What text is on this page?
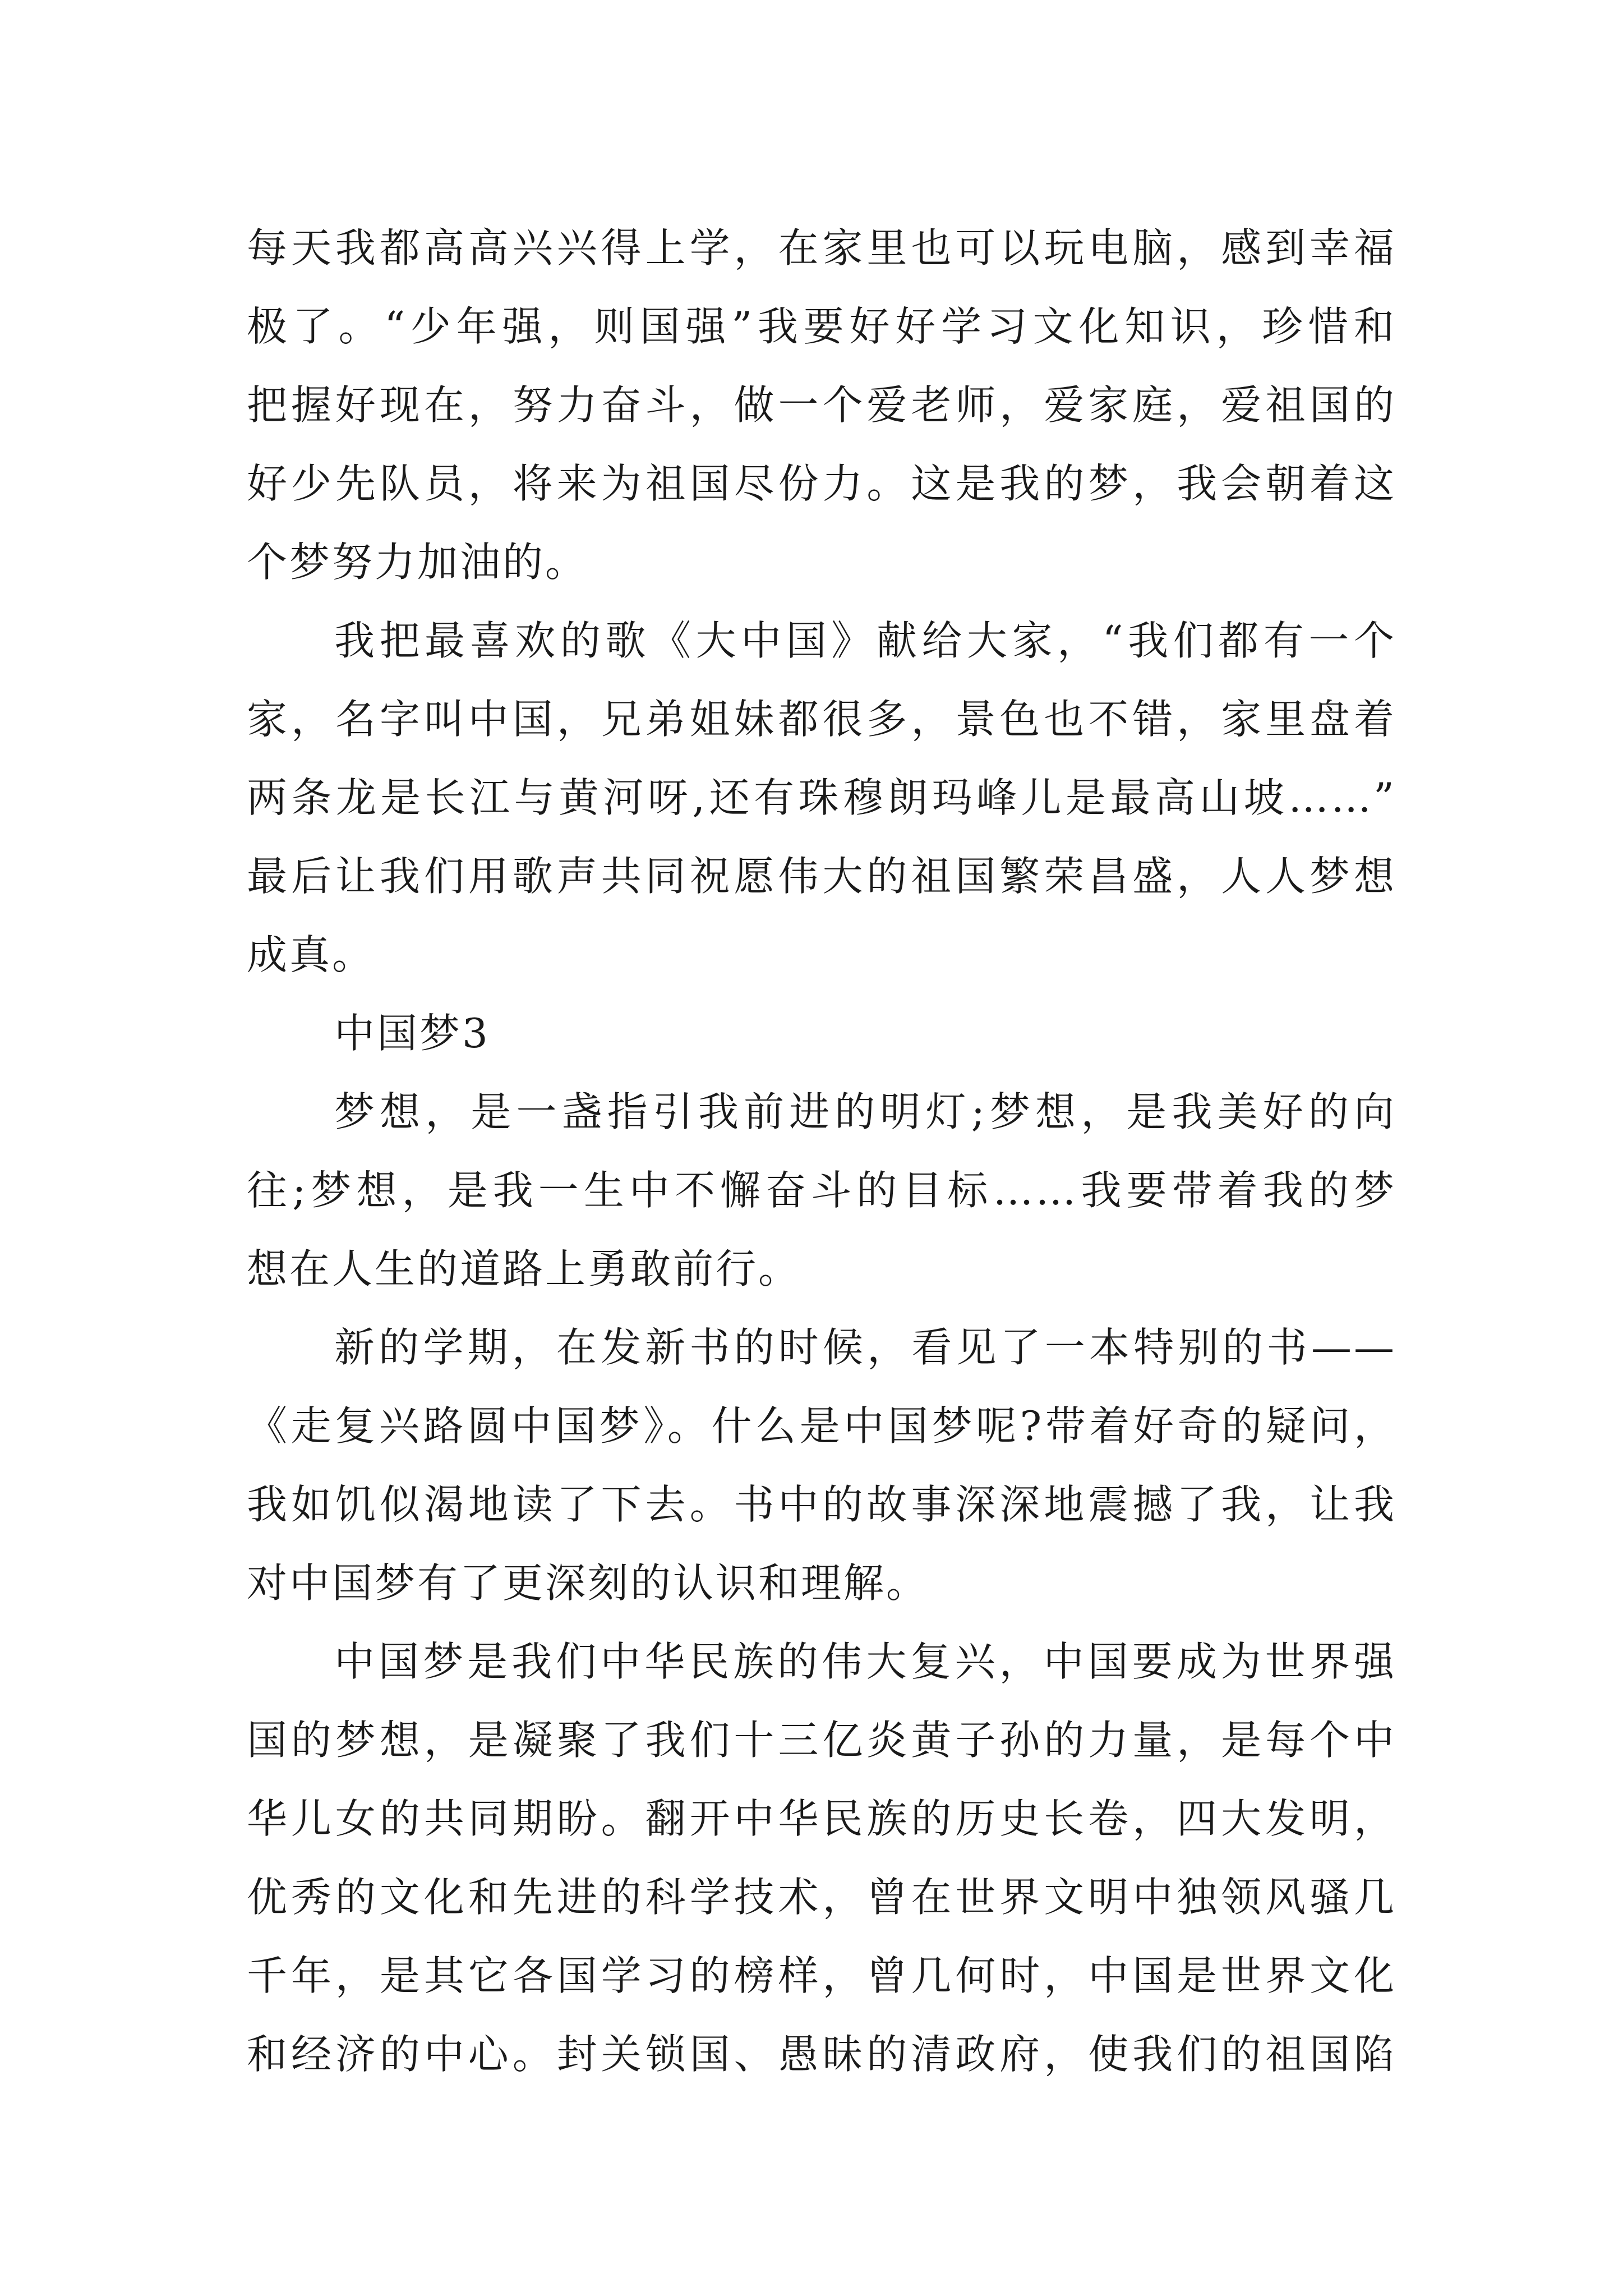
每天我都高高兴兴得上学，在家里也可以玩电脑，感到幸福
极了。“少年强，则国强”我要好好学习文化知识，珍惜和
把握好现在，努力奋斗，做一个爱老师，爱家庭，爱祖国的
好少先队员，将来为祖国尽份力。这是我的梦，我会朝着这
个梦努力加油的。
我把最喜欢的歌《大中国》献给大家，“我们都有一个
家，名字叫中国，兄弟姐妹都很多，景色也不错，家里盘着
两条龙是长江与黄河呀,还有珠穆朗玛峰儿是最高山坡……”
最后让我们用歌声共同祝愿伟大的祖国繁荣昌盛，人人梦想
成真。
中国梦3
梦想，是一盏指引我前进的明灯;梦想，是我美好的向
往;梦想，是我一生中不懈奋斗的目标……我要带着我的梦
想在人生的道路上勇敢前行。
新的学期，在发新书的时候，看见了一本特别的书——
《走复兴路圆中国梦》。什么是中国梦呢?带着好奇的疑问，
我如饥似渴地读了下去。书中的故事深深地震撼了我，让我
对中国梦有了更深刻的认识和理解。
中国梦是我们中华民族的伟大复兴，中国要成为世界强
国的梦想，是凝聚了我们十三亿炎黄子孙的力量，是每个中
华儿女的共同期盼。翻开中华民族的历史长卷，四大发明，
优秀的文化和先进的科学技术，曾在世界文明中独领风骚几
千年，是其它各国学习的榜样，曾几何时，中国是世界文化
和经济的中心。封关锁国、愚昧的清政府，使我们的祖国陷
